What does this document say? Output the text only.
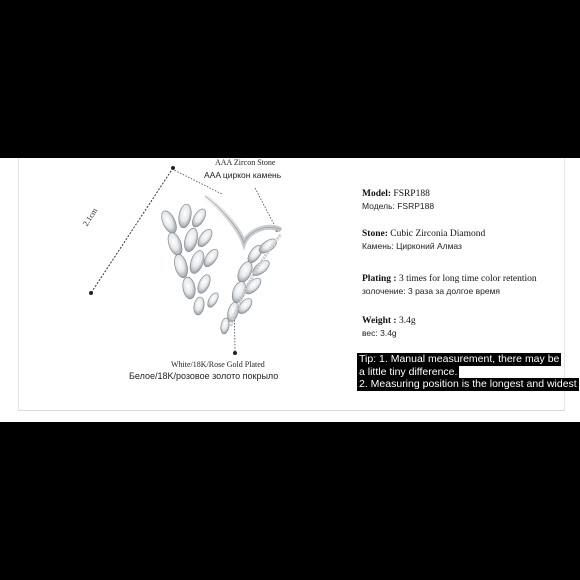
AAA Zircon Stone
AAA циркон камень
2.1cm
White/18K/Rose Gold Plated
Белое/18K/розовое золото покрыло
Model: FSRP188
Модель: FSRP188
Stone: Cubic Zirconia Diamond
Камень: Цирконий Алмаз
Plating : 3 times for long time color retention
золочение: 3 раза за долгое время
Weight : 3.4g
вес: 3.4g
Tip: 1. Manual measurement, there may be
a little tiny difference.
2. Measuring position is the longest and widest
